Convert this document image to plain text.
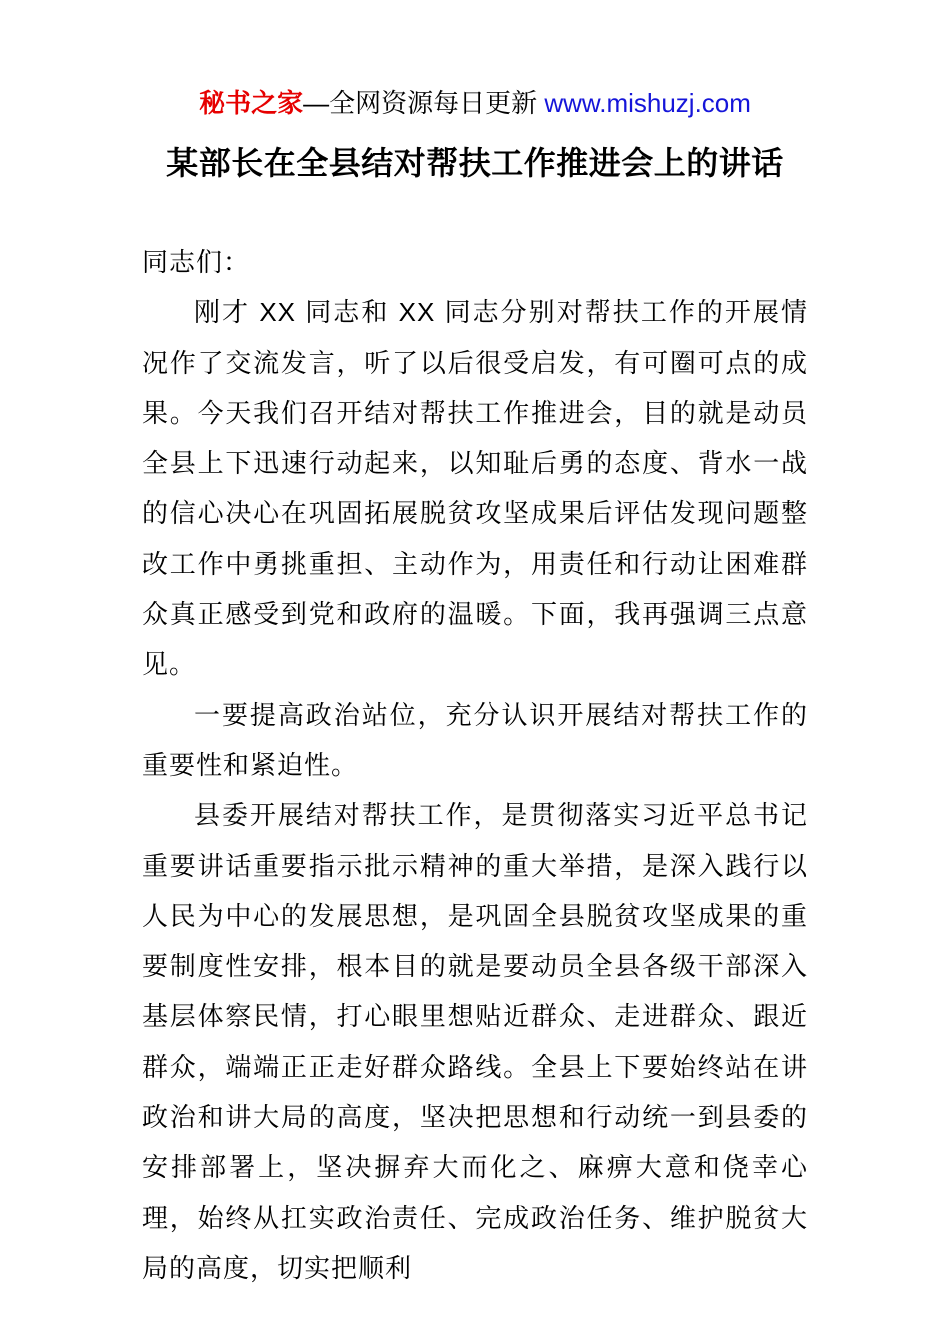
秘书之家—全网资源每日更新 www.mishuzj.com
某部长在全县结对帮扶工作推进会上的讲话

同志们：

刚才 XX 同志和 XX 同志分别对帮扶工作的开展情况作了交流发言，听了以后很受启发，有可圈可点的成果。今天我们召开结对帮扶工作推进会，目的就是动员全县上下迅速行动起来，以知耻后勇的态度、背水一战的信心决心在巩固拓展脱贫攻坚成果后评估发现问题整改工作中勇挑重担、主动作为，用责任和行动让困难群众真正感受到党和政府的温暖。下面，我再强调三点意见。

一要提高政治站位，充分认识开展结对帮扶工作的重要性和紧迫性。

县委开展结对帮扶工作，是贯彻落实习近平总书记重要讲话重要指示批示精神的重大举措，是深入践行以人民为中心的发展思想，是巩固全县脱贫攻坚成果的重要制度性安排，根本目的就是要动员全县各级干部深入基层体察民情，打心眼里想贴近群众、走进群众、跟近群众，端端正正走好群众路线。全县上下要始终站在讲政治和讲大局的高度，坚决把思想和行动统一到县委的安排部署上，坚决摒弃大而化之、麻痹大意和侥幸心理，始终从扛实政治责任、完成政治任务、维护脱贫大局的高度，切实把顺利
